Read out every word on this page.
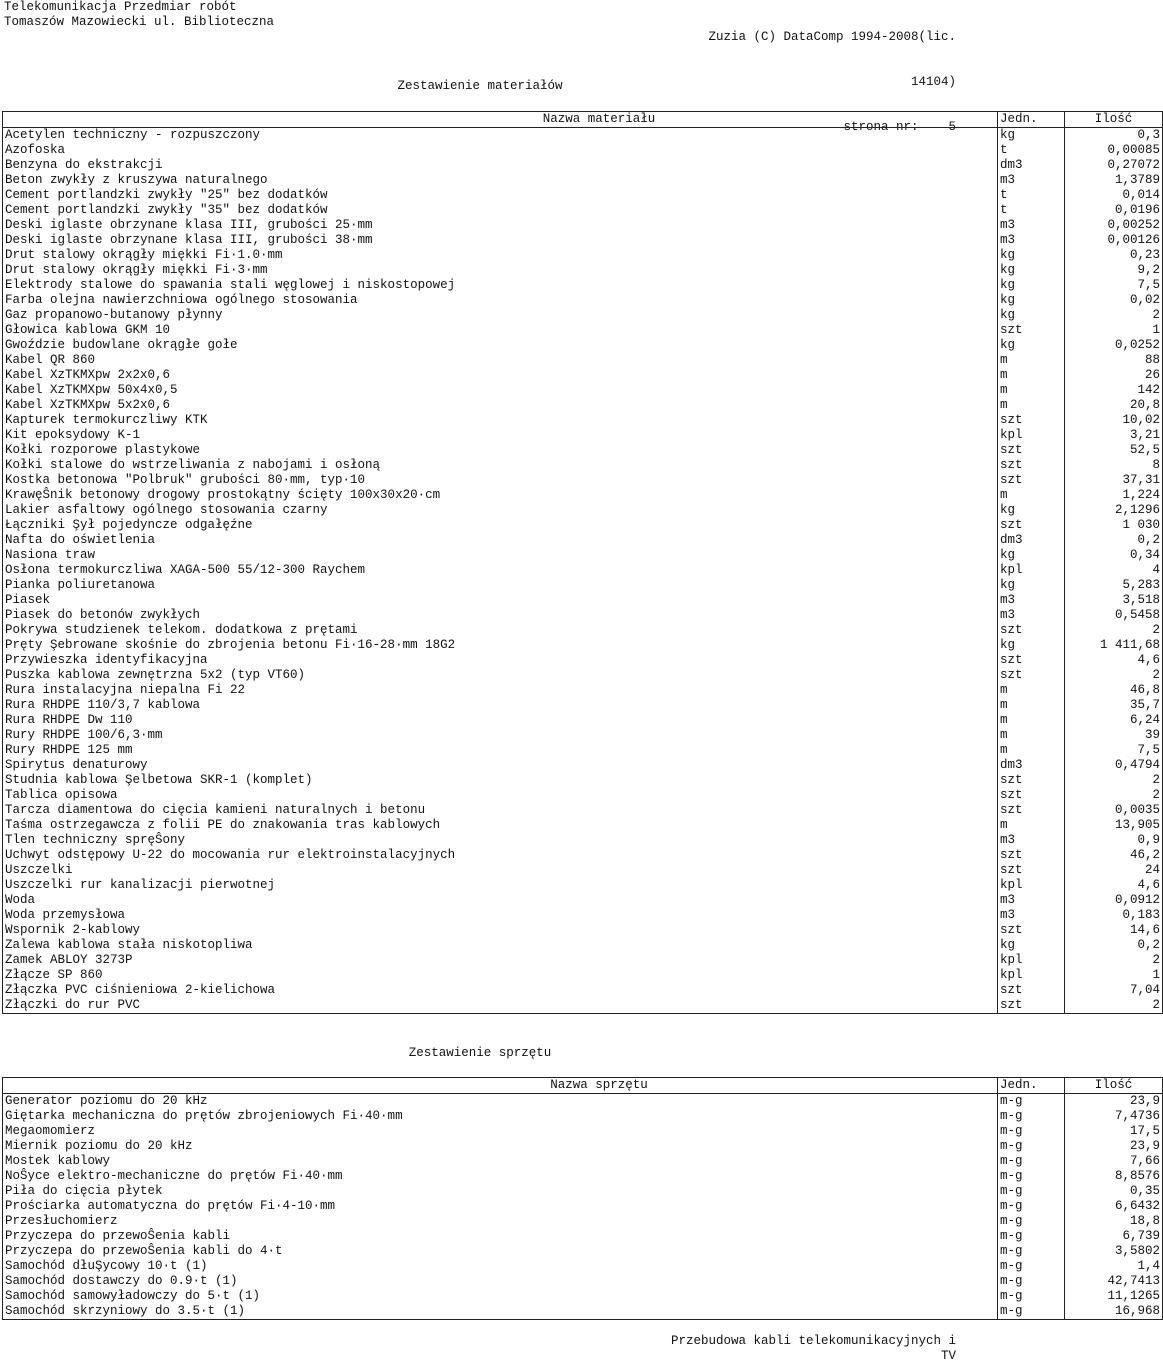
Telekomunikacja Przedmiar robót
Tomaszów Mazowiecki ul. Biblioteczna

Zuzia (C) DataComp 1994-2008(lic.

14104)

strona nr:    5

Zestawienie materiałów
Nazwa materiału	Jedn.	Ilość
Acetylen techniczny - rozpuszczony	kg	0,3
Azofoska	t	0,00085
Benzyna do ekstrakcji	dm3	0,27072
Beton zwykły z kruszywa naturalnego	m3	1,3789
Cement portlandzki zwykły "25" bez dodatków	t	0,014
Cement portlandzki zwykły "35" bez dodatków	t	0,0196
Deski iglaste obrzynane klasa III, grubości 25·mm	m3	0,00252
Deski iglaste obrzynane klasa III, grubości 38·mm	m3	0,00126
Drut stalowy okrągły miękki Fi·1.0·mm	kg	0,23
Drut stalowy okrągły miękki Fi·3·mm	kg	9,2
Elektrody stalowe do spawania stali węglowej i niskostopowej	kg	7,5
Farba olejna nawierzchniowa ogólnego stosowania	kg	0,02
Gaz propanowo-butanowy płynny	kg	2
Głowica kablowa GKM 10	szt	1
Gwoździe budowlane okrągłe gołe	kg	0,0252
Kabel QR 860	m	88
Kabel XzTKMXpw 2x2x0,6	m	26
Kabel XzTKMXpw 50x4x0,5	m	142
Kabel XzTKMXpw 5x2x0,6	m	20,8
Kapturek termokurczliwy KTK	szt	10,02
Kit epoksydowy K-1	kpl	3,21
Kołki rozporowe plastykowe	szt	52,5
Kołki stalowe do wstrzeliwania z nabojami i osłoną	szt	8
Kostka betonowa "Polbruk" grubości 80·mm, typ·10	szt	37,31
KrawęŜnik betonowy drogowy prostokątny ścięty 100x30x20·cm	m	1,224
Lakier asfaltowy ogólnego stosowania czarny	kg	2,1296
Łączniki Şył pojedyncze odgałęźne	szt	1 030
Nafta do oświetlenia	dm3	0,2
Nasiona traw	kg	0,34
Osłona termokurczliwa XAGA-500 55/12-300 Raychem	kpl	4
Pianka poliuretanowa	kg	5,283
Piasek	m3	3,518
Piasek do betonów zwykłych	m3	0,5458
Pokrywa studzienek telekom. dodatkowa z prętami	szt	2
Pręty Şebrowane skośnie do zbrojenia betonu Fi·16-28·mm 18G2	kg	1 411,68
Przywieszka identyfikacyjna	szt	4,6
Puszka kablowa zewnętrzna 5x2 (typ VT60)	szt	2
Rura instalacyjna niepalna Fi 22	m	46,8
Rura RHDPE 110/3,7 kablowa	m	35,7
Rura RHDPE Dw 110	m	6,24
Rury RHDPE 100/6,3·mm	m	39
Rury RHDPE 125 mm	m	7,5
Spirytus denaturowy	dm3	0,4794
Studnia kablowa Şelbetowa SKR-1 (komplet)	szt	2
Tablica opisowa	szt	2
Tarcza diamentowa do cięcia kamieni naturalnych i betonu	szt	0,0035
Taśma ostrzegawcza z folii PE do znakowania tras kablowych	m	13,905
Tlen techniczny spręŜony	m3	0,9
Uchwyt odstępowy U-22 do mocowania rur elektroinstalacyjnych	szt	46,2
Uszczelki	szt	24
Uszczelki rur kanalizacji pierwotnej	kpl	4,6
Woda	m3	0,0912
Woda przemysłowa	m3	0,183
Wspornik 2-kablowy	szt	14,6
Zalewa kablowa stała niskotopliwa	kg	0,2
Zamek ABLOY 3273P	kpl	2
Złącze SP 860	kpl	1
Złączka PVC ciśnieniowa 2-kielichowa	szt	7,04
Złączki do rur PVC	szt	2
Zestawienie sprzętu
Nazwa sprzętu	Jedn.	Ilość
Generator poziomu do 20 kHz	m-g	23,9
Giętarka mechaniczna do prętów zbrojeniowych Fi·40·mm	m-g	7,4736
Megaomomierz	m-g	17,5
Miernik poziomu do 20 kHz	m-g	23,9
Mostek kablowy	m-g	7,66
NoŜyce elektro-mechaniczne do prętów Fi·40·mm	m-g	8,8576
Piła do cięcia płytek	m-g	0,35
Prościarka automatyczna do prętów Fi·4-10·mm	m-g	6,6432
Przesłuchomierz	m-g	18,8
Przyczepa do przewoŜenia kabli	m-g	6,739
Przyczepa do przewoŜenia kabli do 4·t	m-g	3,5802
Samochód dłuŞycowy 10·t (1)	m-g	1,4
Samochód dostawczy do 0.9·t (1)	m-g	42,7413
Samochód samowyładowczy do 5·t (1)	m-g	11,1265
Samochód skrzyniowy do 3.5·t (1)	m-g	16,968
Przebudowa kabli telekomunikacyjnych i
TV
